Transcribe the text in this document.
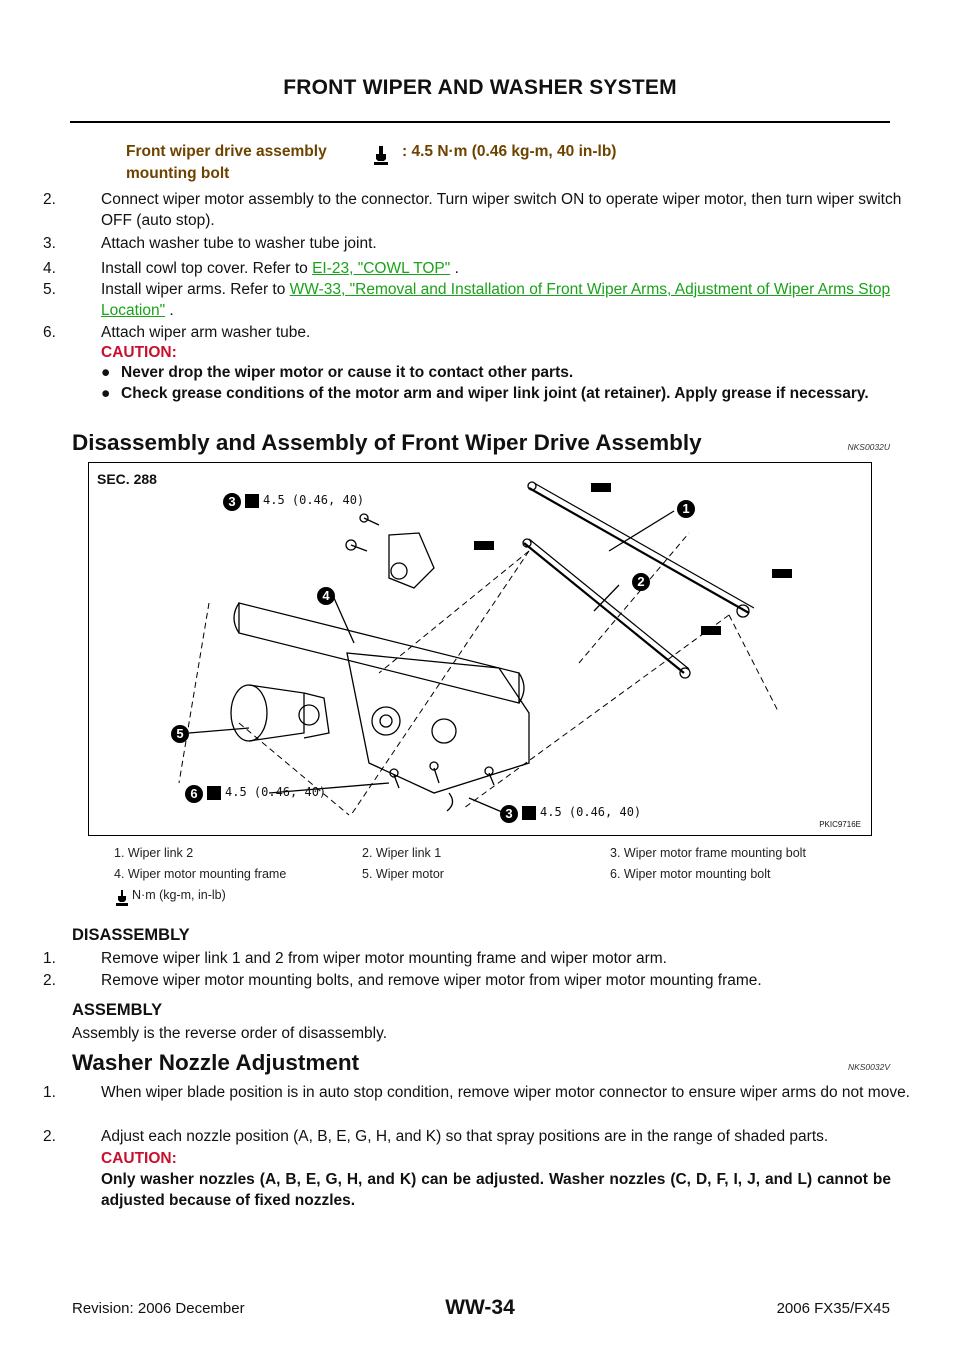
FRONT WIPER AND WASHER SYSTEM
Front wiper drive assembly
mounting bolt
: 4.5 N·m (0.46 kg-m, 40 in-lb)
2.	Connect wiper motor assembly to the connector. Turn wiper switch ON to operate wiper motor, then turn wiper switch OFF (auto stop).
3.	Attach washer tube to washer tube joint.
4.	Install cowl top cover. Refer to EI-23, "COWL TOP" .
5.	Install wiper arms. Refer to WW-33, "Removal and Installation of Front Wiper Arms, Adjustment of Wiper Arms Stop Location" .
6.	Attach wiper arm washer tube.
CAUTION:
● Never drop the wiper motor or cause it to contact other parts.
● Check grease conditions of the motor arm and wiper link joint (at retainer). Apply grease if necessary.
Disassembly and Assembly of Front Wiper Drive Assembly	NKS0032U
SEC. 288
PKIC9716E
1
2
3
4
5
6
3
4.5 (0.46, 40)
4.5 (0.46, 40)
4.5 (0.46, 40)
1. Wiper link 2	2. Wiper link 1	3. Wiper motor frame mounting bolt
4. Wiper motor mounting frame	5. Wiper motor	6. Wiper motor mounting bolt
N·m (kg-m, in-lb)
DISASSEMBLY
1.	Remove wiper link 1 and 2 from wiper motor mounting frame and wiper motor arm.
2.	Remove wiper motor mounting bolts, and remove wiper motor from wiper motor mounting frame.
ASSEMBLY
Assembly is the reverse order of disassembly.
Washer Nozzle Adjustment	NKS0032V
1.	When wiper blade position is in auto stop condition, remove wiper motor connector to ensure wiper arms do not move.
2.	Adjust each nozzle position (A, B, E, G, H, and K) so that spray positions are in the range of shaded parts.
CAUTION:
Only washer nozzles (A, B, E, G, H, and K) can be adjusted. Washer nozzles (C, D, F, I, J, and L) cannot be adjusted because of fixed nozzles.
WW-34
Revision: 2006 December	2006 FX35/FX45
